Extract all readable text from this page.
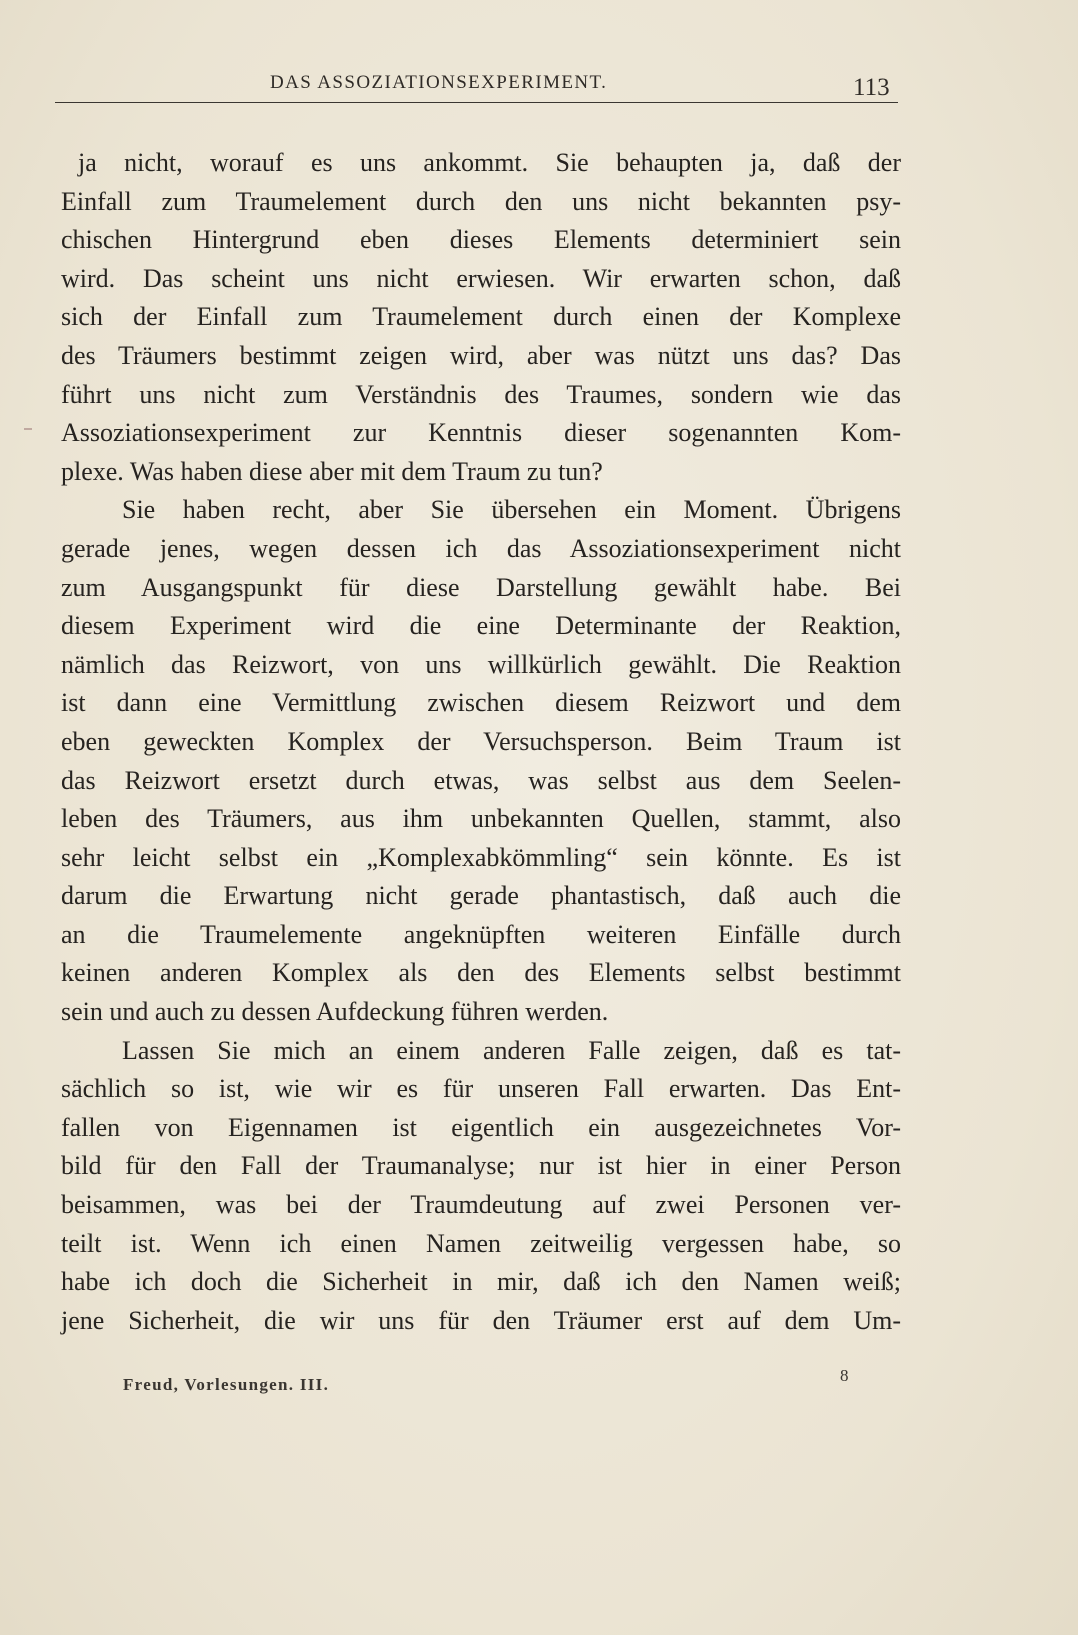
DAS ASSOZIATIONSEXPERIMENT.	113
ja nicht, worauf es uns ankommt. Sie behaupten ja, daß der
Einfall zum Traumelement durch den uns nicht bekannten psy-
chischen Hintergrund eben dieses Elements determiniert sein
wird. Das scheint uns nicht erwiesen. Wir erwarten schon, daß
sich der Einfall zum Traumelement durch einen der Komplexe
des Träumers bestimmt zeigen wird, aber was nützt uns das? Das
führt uns nicht zum Verständnis des Traumes, sondern wie das
Assoziationsexperiment zur Kenntnis dieser sogenannten Kom-
plexe. Was haben diese aber mit dem Traum zu tun?
Sie haben recht, aber Sie übersehen ein Moment. Übrigens
gerade jenes, wegen dessen ich das Assoziationsexperiment nicht
zum Ausgangspunkt für diese Darstellung gewählt habe. Bei
diesem Experiment wird die eine Determinante der Reaktion,
nämlich das Reizwort, von uns willkürlich gewählt. Die Reaktion
ist dann eine Vermittlung zwischen diesem Reizwort und dem
eben geweckten Komplex der Versuchsperson. Beim Traum ist
das Reizwort ersetzt durch etwas, was selbst aus dem Seelen-
leben des Träumers, aus ihm unbekannten Quellen, stammt, also
sehr leicht selbst ein „Komplexabkömmling“ sein könnte. Es ist
darum die Erwartung nicht gerade phantastisch, daß auch die
an die Traumelemente angeknüpften weiteren Einfälle durch
keinen anderen Komplex als den des Elements selbst bestimmt
sein und auch zu dessen Aufdeckung führen werden.
Lassen Sie mich an einem anderen Falle zeigen, daß es tat-
sächlich so ist, wie wir es für unseren Fall erwarten. Das Ent-
fallen von Eigennamen ist eigentlich ein ausgezeichnetes Vor-
bild für den Fall der Traumanalyse; nur ist hier in einer Person
beisammen, was bei der Traumdeutung auf zwei Personen ver-
teilt ist. Wenn ich einen Namen zeitweilig vergessen habe, so
habe ich doch die Sicherheit in mir, daß ich den Namen weiß;
jene Sicherheit, die wir uns für den Träumer erst auf dem Um-
Freud, Vorlesungen. III.	8
